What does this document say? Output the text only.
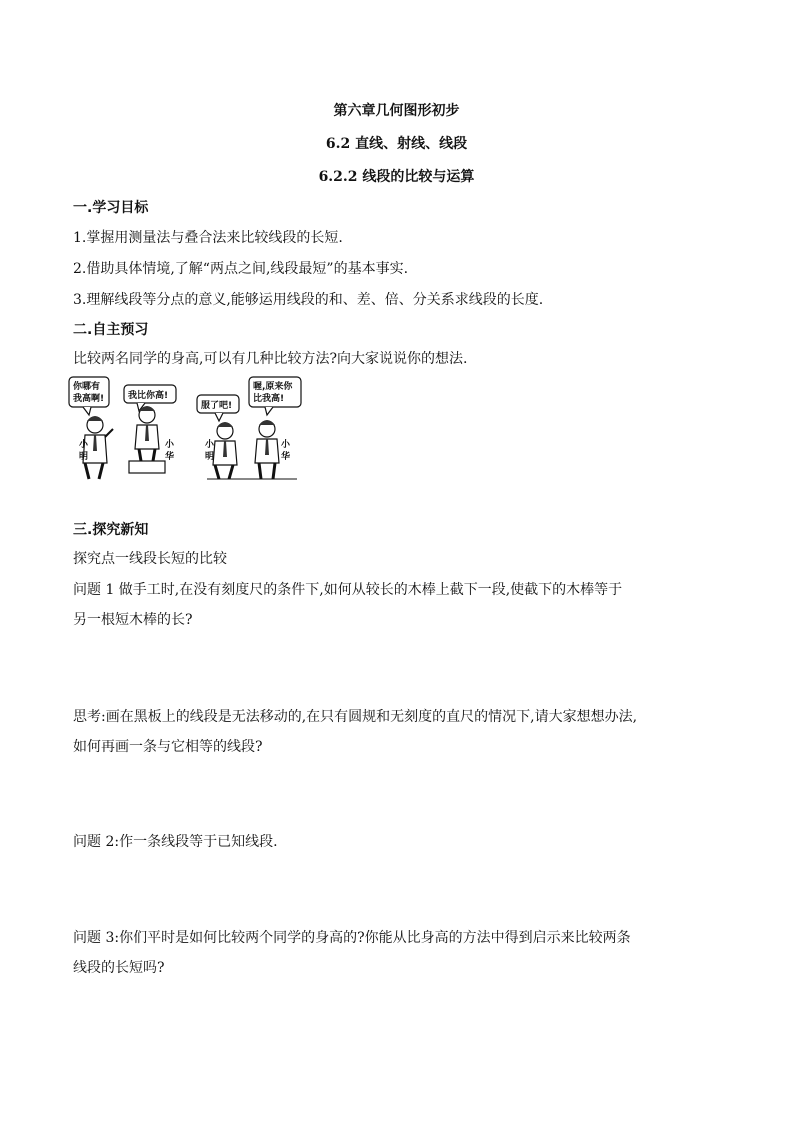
第六章几何图形初步
6.2 直线、射线、线段
6.2.2 线段的比较与运算
一.学习目标
1.掌握用测量法与叠合法来比较线段的长短.
2.借助具体情境,了解“两点之间,线段最短”的基本事实.
3.理解线段等分点的意义,能够运用线段的和、差、倍、分关系求线段的长度.
二.自主预习
比较两名同学的身高,可以有几种比较方法?向大家说说你的想法.
你哪有
我高啊!	我比你高!
小
明
小
华
服了吧!
喔,原来你
比我高!
小
明
小
华
三.探究新知
探究点一线段长短的比较
问题 1 做手工时,在没有刻度尺的条件下,如何从较长的木棒上截下一段,使截下的木棒等于
另一根短木棒的长?
思考:画在黑板上的线段是无法移动的,在只有圆规和无刻度的直尺的情况下,请大家想想办法,
如何再画一条与它相等的线段?
问题 2:作一条线段等于已知线段.
问题 3:你们平时是如何比较两个同学的身高的?你能从比身高的方法中得到启示来比较两条
线段的长短吗?
